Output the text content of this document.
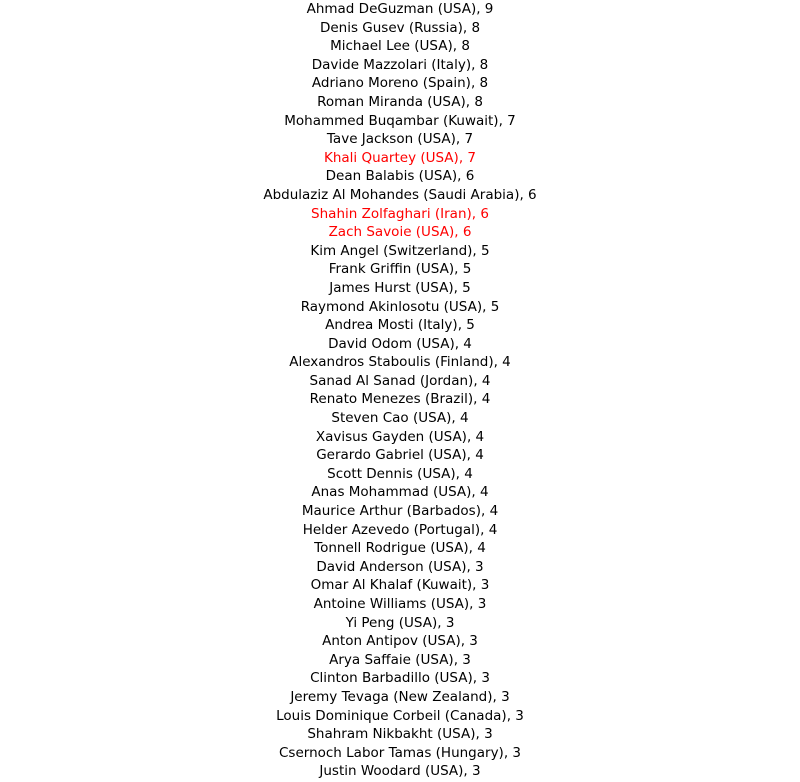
Ahmad DeGuzman (USA), 9
Denis Gusev (Russia), 8
Michael Lee (USA), 8
Davide Mazzolari (Italy), 8
Adriano Moreno (Spain), 8
Roman Miranda (USA), 8
Mohammed Buqambar (Kuwait), 7
Tave Jackson (USA), 7
Khali Quartey (USA), 7
Dean Balabis (USA), 6
Abdulaziz Al Mohandes (Saudi Arabia), 6
Shahin Zolfaghari (Iran), 6
Zach Savoie (USA), 6
Kim Angel (Switzerland), 5
Frank Griffin (USA), 5
James Hurst (USA), 5
Raymond Akinlosotu (USA), 5
Andrea Mosti (Italy), 5
David Odom (USA), 4
Alexandros Staboulis (Finland), 4
Sanad Al Sanad (Jordan), 4
Renato Menezes (Brazil), 4
Steven Cao (USA), 4
Xavisus Gayden (USA), 4
Gerardo Gabriel (USA), 4
Scott Dennis (USA), 4
Anas Mohammad (USA), 4
Maurice Arthur (Barbados), 4
Helder Azevedo (Portugal), 4
Tonnell Rodrigue (USA), 4
David Anderson (USA), 3
Omar Al Khalaf (Kuwait), 3
Antoine Williams (USA), 3
Yi Peng (USA), 3
Anton Antipov (USA), 3
Arya Saffaie (USA), 3
Clinton Barbadillo (USA), 3
Jeremy Tevaga (New Zealand), 3
Louis Dominique Corbeil (Canada), 3
Shahram Nikbakht (USA), 3
Csernoch Labor Tamas (Hungary), 3
Justin Woodard (USA), 3
